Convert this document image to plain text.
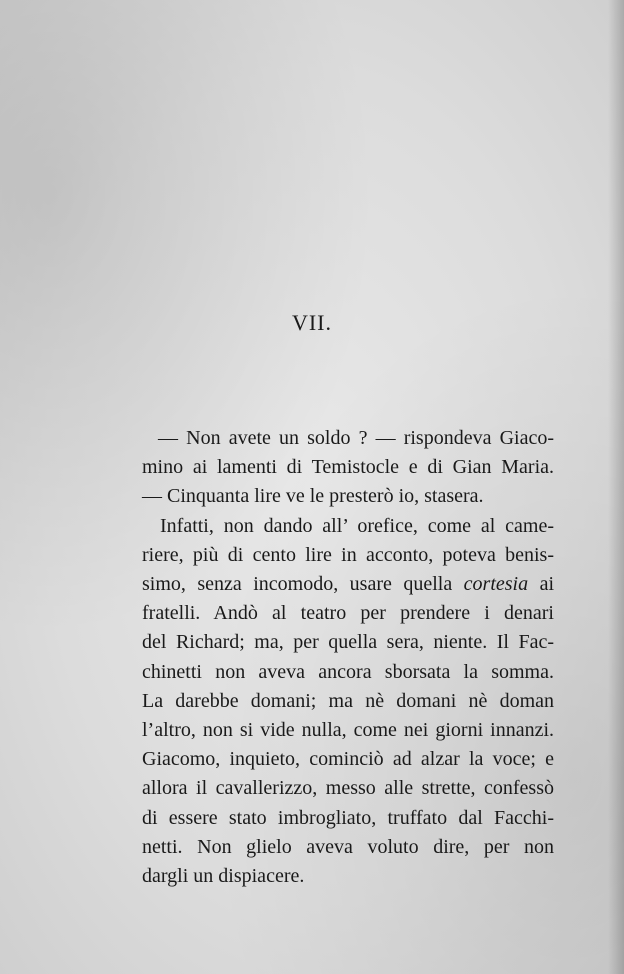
VII.
— Non avete un soldo ? — rispondeva Giaco-
mino ai lamenti di Temistocle e di Gian Maria.
— Cinquanta lire ve le presterò io, stasera.
Infatti, non dando all’ orefice, come al came-
riere, più di cento lire in acconto, poteva benis-
simo, senza incomodo, usare quella cortesia ai
fratelli. Andò al teatro per prendere i denari
del Richard; ma, per quella sera, niente. Il Fac-
chinetti non aveva ancora sborsata la somma.
La darebbe domani; ma nè domani nè doman
l’altro, non si vide nulla, come nei giorni innanzi.
Giacomo, inquieto, cominciò ad alzar la voce; e
allora il cavallerizzo, messo alle strette, confessò
di essere stato imbrogliato, truffato dal Facchi-
netti. Non glielo aveva voluto dire, per non
dargli un dispiacere.
